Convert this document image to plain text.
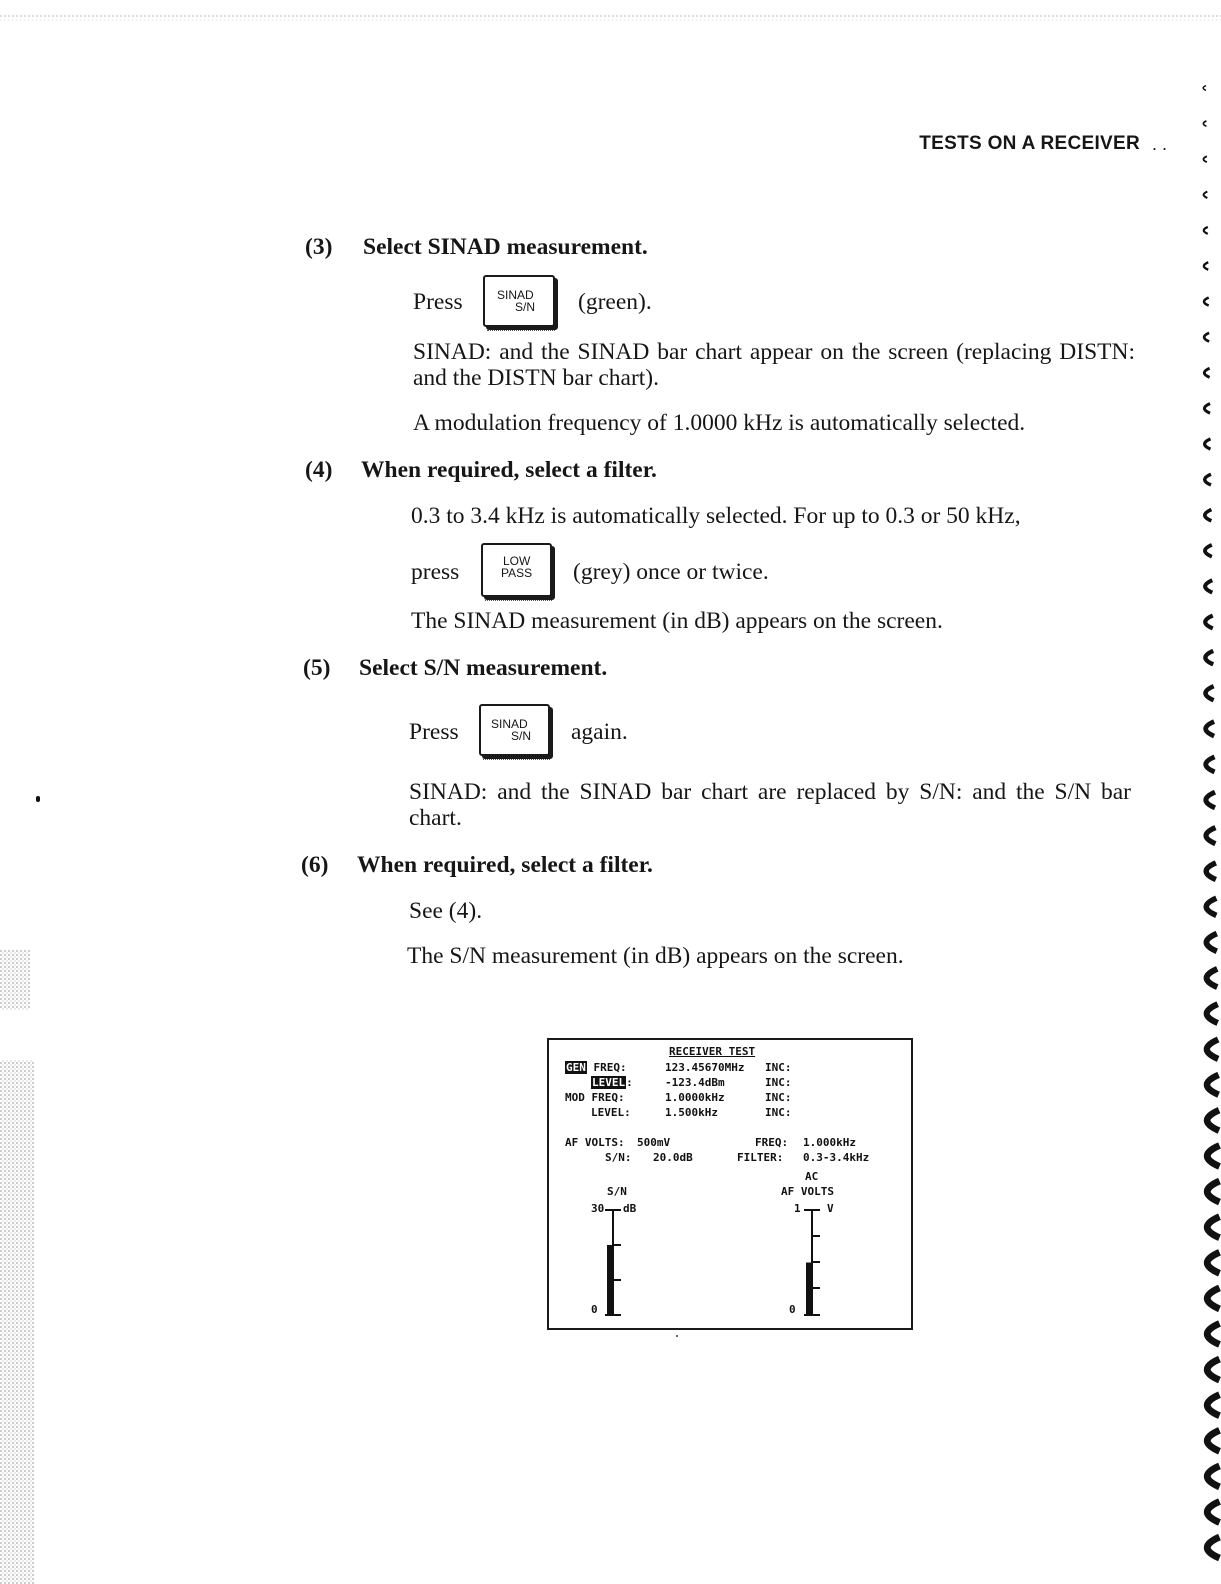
TESTS ON A RECEIVER . .
(3) Select SINAD measurement.
Press	SINAD
S/N (green).
SINAD: and the SINAD bar chart appear on the screen (replacing DISTN: and the DISTN bar chart).
A modulation frequency of 1.0000 kHz is automatically selected.
(4) When required, select a filter.
0.3 to 3.4 kHz is automatically selected. For up to 0.3 or 50 kHz,
press	LOW
PASS (grey) once or twice.
The SINAD measurement (in dB) appears on the screen.
(5) Select S/N measurement.
Press	SINAD
S/N again.
SINAD: and the SINAD bar chart are replaced by S/N: and the S/N bar chart.
(6) When required, select a filter.
See (4).
The S/N measurement (in dB) appears on the screen.
RECEIVER TEST
GEN FREQ:	123.45670MHz INC:
LEVEL:	-123.4dBm	INC:
MOD FREQ:	1.0000kHz	INC:
LEVEL:	1.500kHz	INC:
AF VOLTS: 500mV	FREQ: 1.000kHz
S/N: 20.0dB	FILTER: 0.3-3.4kHz
AC
S/N	AF VOLTS
30 dB
0
1 V
0
